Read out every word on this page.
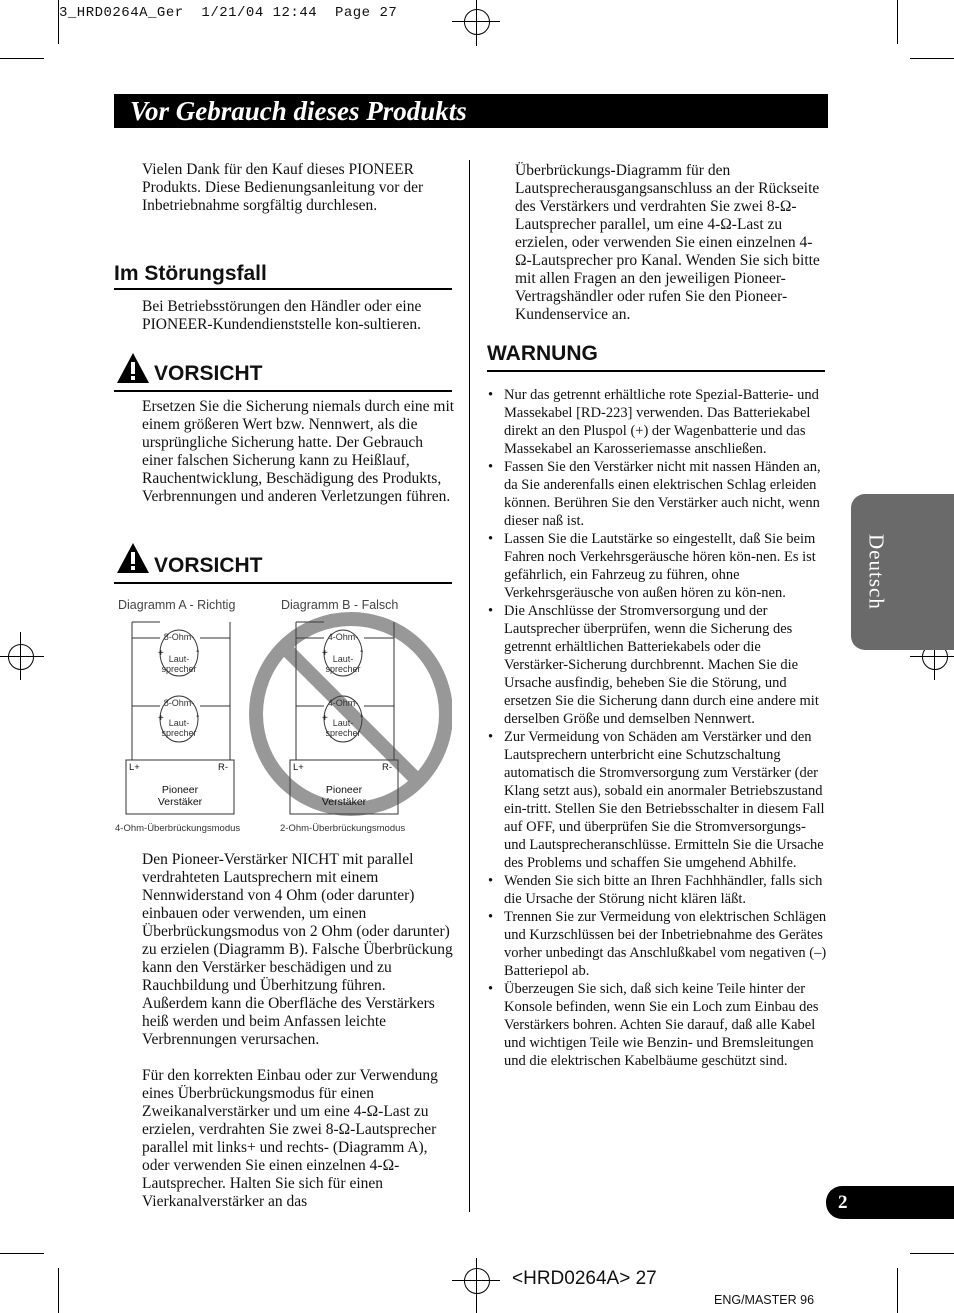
3_HRD0264A_Ger  1/21/04 12:44  Page 27
Vor Gebrauch dieses Produkts
Vielen Dank für den Kauf dieses PIONEER Produkts. Diese Bedienungsanleitung vor der Inbetriebnahme sorgfältig durchlesen.
Im Störungsfall
Bei Betriebsstörungen den Händler oder eine PIONEER-Kundendienststelle kon-sultieren.
VORSICHT
Ersetzen Sie die Sicherung niemals durch eine mit einem größeren Wert bzw. Nennwert, als die ursprüngliche Sicherung hatte. Der Gebrauch einer falschen Sicherung kann zu Heißlauf, Rauchentwicklung, Beschädigung des Produkts, Verbrennungen und anderen Verletzungen führen.
VORSICHT
Diagramm A - Richtig	Diagramm B - Falsch
8-Ohm-
Laut-
sprecher
8-Ohm-
Laut-
sprecher
4-Ohm-
Laut-
sprecher
4-Ohm-
Laut-
sprecher
+	-
+	-
+	-
+	-
L+	R-	L+	R-
Pioneer
Verstäker
Pioneer
Verstäker
4-Ohm-Überbrückungsmodus	2-Ohm-Überbrückungsmodus
Den Pioneer-Verstärker NICHT mit parallel verdrahteten Lautsprechern mit einem Nennwiderstand von 4 Ohm (oder darunter) einbauen oder verwenden, um einen Überbrückungsmodus von 2 Ohm (oder darunter) zu erzielen (Diagramm B). Falsche Überbrückung kann den Verstärker beschädigen und zu Rauchbildung und Überhitzung führen. Außerdem kann die Oberfläche des Verstärkers heiß werden und beim Anfassen leichte Verbrennungen verursachen.
Für den korrekten Einbau oder zur Verwendung eines Überbrückungsmodus für einen Zweikanalverstärker und um eine 4-Ω-Last zu erzielen, verdrahten Sie zwei 8-Ω-Lautsprecher parallel mit links+ und rechts- (Diagramm A), oder verwenden Sie einen einzelnen 4-Ω-Lautsprecher. Halten Sie sich für einen Vierkanalverstärker an das
Überbrückungs-Diagramm für den Lautsprecherausgangsanschluss an der Rückseite des Verstärkers und verdrahten Sie zwei 8-Ω-Lautsprecher parallel, um eine 4-Ω-Last zu erzielen, oder verwenden Sie einen einzelnen 4-Ω-Lautsprecher pro Kanal. Wenden Sie sich bitte mit allen Fragen an den jeweiligen Pioneer-Vertragshändler oder rufen Sie den Pioneer-Kundenservice an.
WARNUNG
• Nur das getrennt erhältliche rote Spezial-Batterie- und Massekabel [RD-223] verwenden. Das Batteriekabel direkt an den Pluspol (+) der Wagenbatterie und das Massekabel an Karosseriemasse anschließen.
• Fassen Sie den Verstärker nicht mit nassen Händen an, da Sie anderenfalls einen elektrischen Schlag erleiden können. Berühren Sie den Verstärker auch nicht, wenn dieser naß ist.
• Lassen Sie die Lautstärke so eingestellt, daß Sie beim Fahren noch Verkehrsgeräusche hören kön-nen. Es ist gefährlich, ein Fahrzeug zu führen, ohne Verkehrsgeräusche von außen hören zu kön-nen.
• Die Anschlüsse der Stromversorgung und der Lautsprecher überprüfen, wenn die Sicherung des getrennt erhältlichen Batteriekabels oder die Verstärker-Sicherung durchbrennt. Machen Sie die Ursache ausfindig, beheben Sie die Störung, und ersetzen Sie die Sicherung dann durch eine andere mit derselben Größe und demselben Nennwert.
• Zur Vermeidung von Schäden am Verstärker und den Lautsprechern unterbricht eine Schutzschaltung automatisch die Stromversorgung zum Verstärker (der Klang setzt aus), sobald ein anormaler Betriebszustand ein-tritt. Stellen Sie den Betriebsschalter in diesem Fall auf OFF, und überprüfen Sie die Stromversorgungs- und Lautsprecheranschlüsse. Ermitteln Sie die Ursache des Problems und schaffen Sie umgehend Abhilfe.
• Wenden Sie sich bitte an Ihren Fachhhändler, falls sich die Ursache der Störung nicht klären läßt.
• Trennen Sie zur Vermeidung von elektrischen Schlägen und Kurzschlüssen bei der Inbetriebnahme des Gerätes vorher unbedingt das Anschlußkabel vom negativen (–) Batteriepol ab.
• Überzeugen Sie sich, daß sich keine Teile hinter der Konsole befinden, wenn Sie ein Loch zum Einbau des Verstärkers bohren. Achten Sie darauf, daß alle Kabel und wichtigen Teile wie Benzin- und Bremsleitungen und die elektrischen Kabelbäume geschützt sind.
Deutsch
2
<HRD0264A> 27
ENG/MASTER 96
